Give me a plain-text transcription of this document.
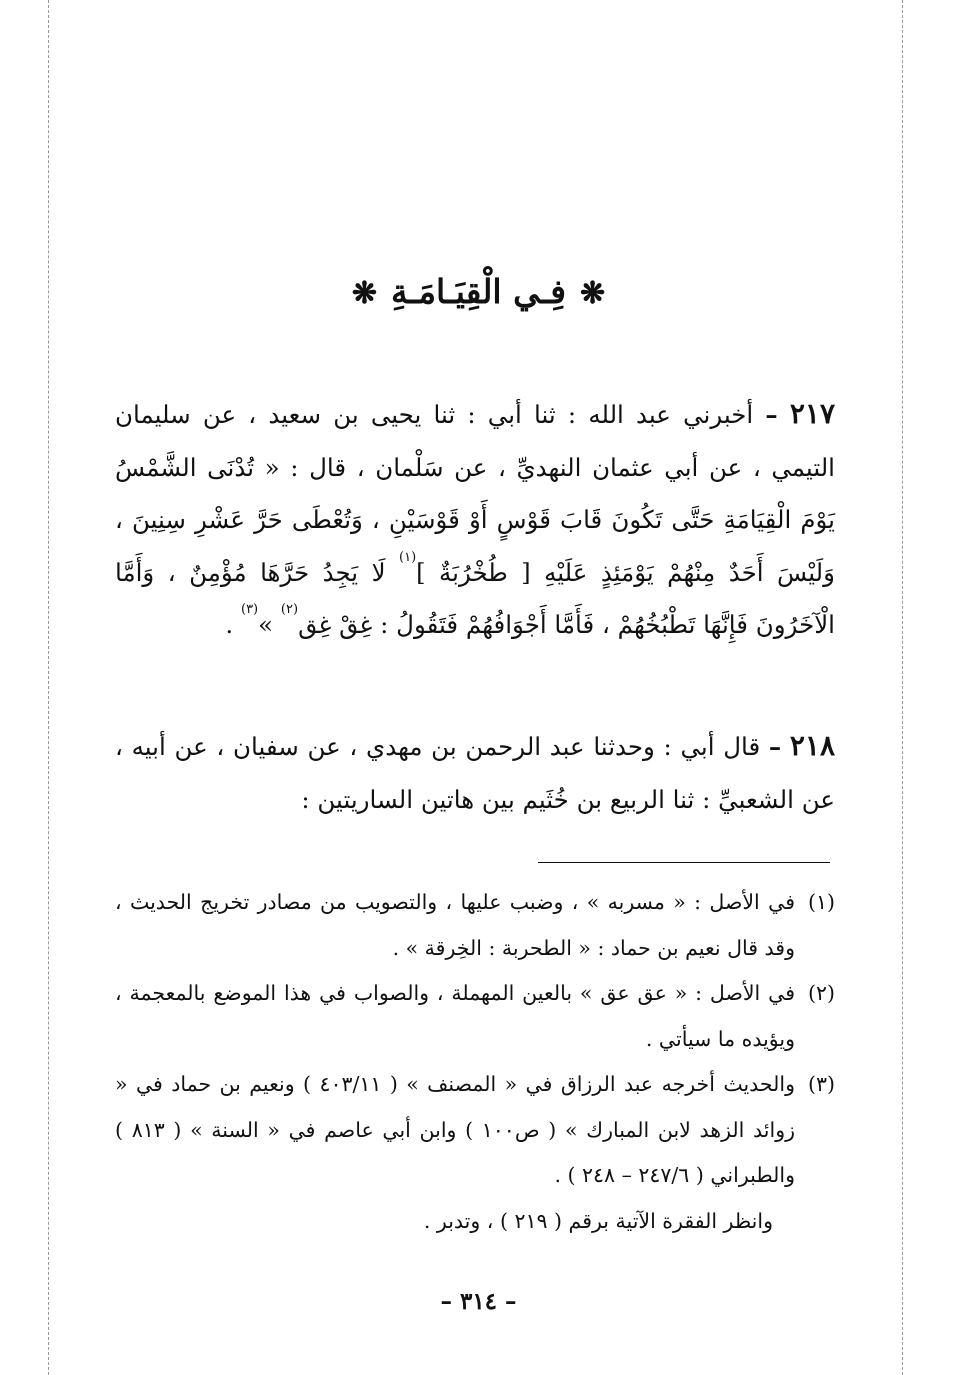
❋فِـي الْقِيَـامَـةِ❋
٢١٧ – أخبرني عبد الله : ثنا أبي : ثنا يحيى بن سعيد ، عن سليمان التيمي ، عن أبي عثمان النهديِّ ، عن سَلْمان ، قال : « تُدْنَى الشَّمْسُ يَوْمَ الْقِيَامَةِ حَتَّى تَكُونَ قَابَ قَوْسٍ أَوْ قَوْسَيْنِ ، وَتُعْطَى حَرَّ عَشْرِ سِنِينَ ، وَلَيْسَ أَحَدٌ مِنْهُمْ يَوْمَئِذٍ عَلَيْهِ [ طُخْرُبَةٌ ]$^{(١)}$ لَا يَجِدُ حَرَّهَا مُؤْمِنٌ ، وَأَمَّا الْآخَرُونَ فَإِنَّهَا تَطْبُخُهُمْ ، فَأَمَّا أَجْوَافُهُمْ فَتَقُولُ : غِقْ غِق$^{(٢)}$ »$^{(٣)}$ .
٢١٨ – قال أبي : وحدثنا عبد الرحمن بن مهدي ، عن سفيان ، عن أبيه ، عن الشعبيِّ : ثنا الربيع بن خُثَيم بين هاتين الساريتين :
(١)
في الأصل : « مسربه » ، وضبب عليها ، والتصويب من مصادر تخريج الحديث ، وقد قال نعيم بن حماد : « الطحربة : الخِرقة » .
(٢)
في الأصل : « عق عق » بالعين المهملة ، والصواب في هذا الموضع بالمعجمة ، ويؤيده ما سيأتي .
(٣)
والحديث أخرجه عبد الرزاق في « المصنف » ( ٤٠٣/١١ ) ونعيم بن حماد في « زوائد الزهد لابن المبارك » ( ص١٠٠ ) وابن أبي عاصم في « السنة » ( ٨١٣ ) والطبراني ( ٢٤٧/٦ – ٢٤٨ ) .
وانظر الفقرة الآتية برقم ( ٢١٩ ) ، وتدبر .
– ٣١٤ –
